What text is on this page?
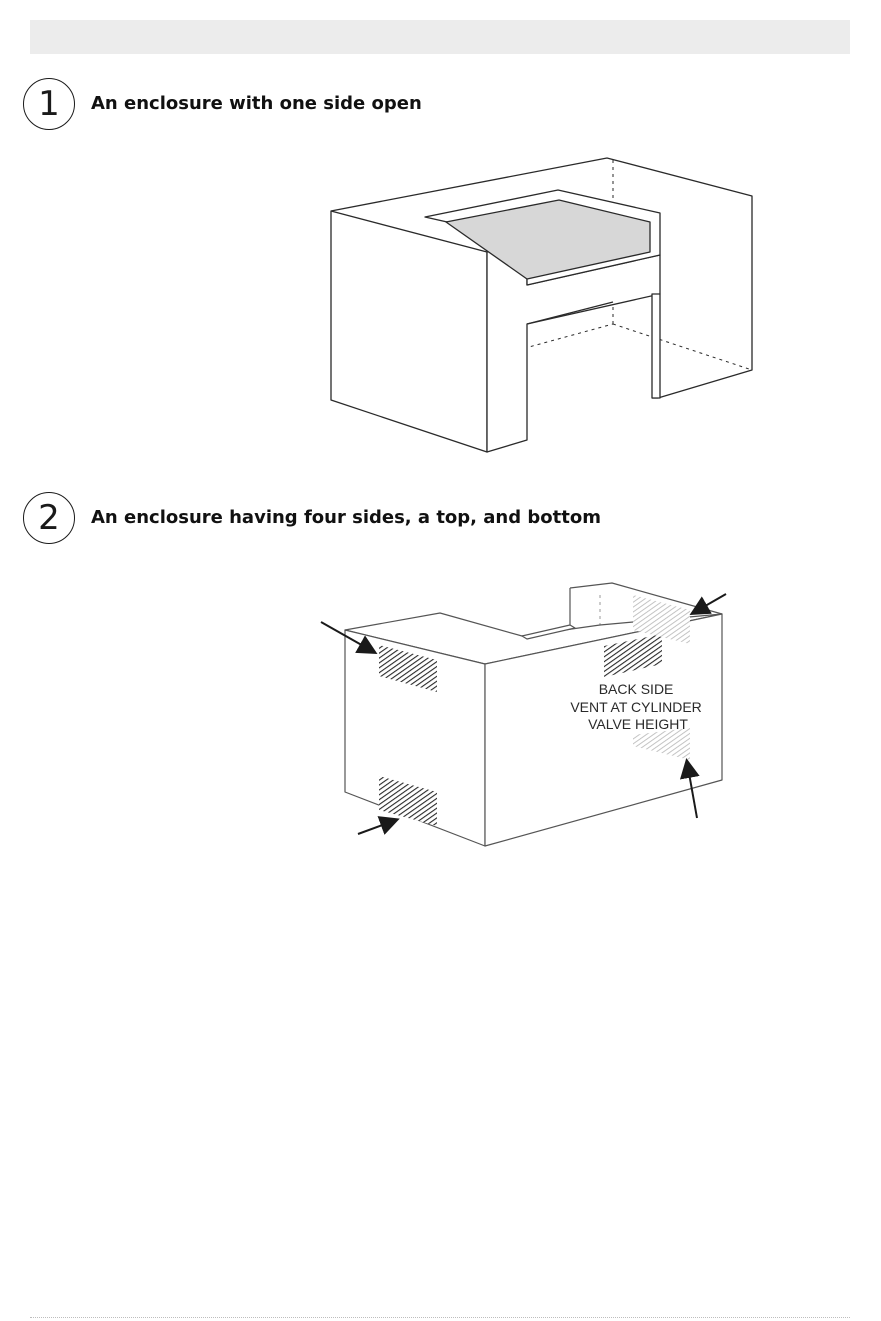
1	An enclosure with one side open
2	An enclosure having four sides, a top, and bottom
BACK SIDE VENT AT CYLINDER VALVE HEIGHT
